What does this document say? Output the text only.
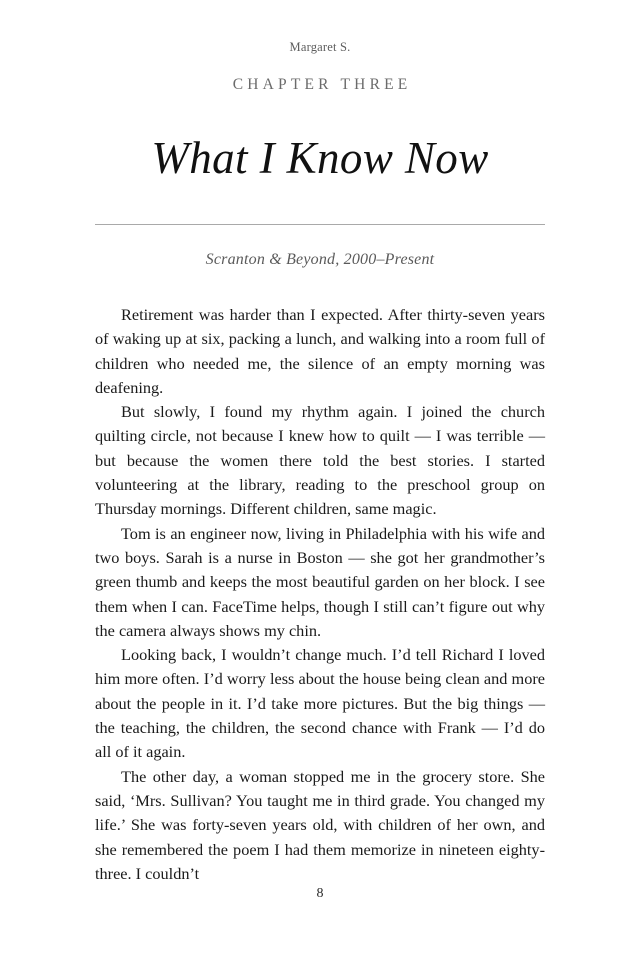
Margaret S.
CHAPTER THREE
What I Know Now
Scranton & Beyond, 2000–Present

Retirement was harder than I expected. After thirty-seven years of waking up at six, packing a lunch, and walking into a room full of children who needed me, the silence of an empty morning was deafening.

But slowly, I found my rhythm again. I joined the church quilting circle, not because I knew how to quilt — I was terrible — but because the women there told the best stories. I started volunteering at the library, reading to the preschool group on Thursday mornings. Different children, same magic.

Tom is an engineer now, living in Philadelphia with his wife and two boys. Sarah is a nurse in Boston — she got her grandmother’s green thumb and keeps the most beautiful garden on her block. I see them when I can. FaceTime helps, though I still can’t figure out why the camera always shows my chin.

Looking back, I wouldn’t change much. I’d tell Richard I loved him more often. I’d worry less about the house being clean and more about the people in it. I’d take more pictures. But the big things — the teaching, the children, the second chance with Frank — I’d do all of it again.

The other day, a woman stopped me in the grocery store. She said, ‘Mrs. Sullivan? You taught me in third grade. You changed my life.’ She was forty-seven years old, with children of her own, and she remembered the poem I had them memorize in nineteen eighty-three. I couldn’t

8
